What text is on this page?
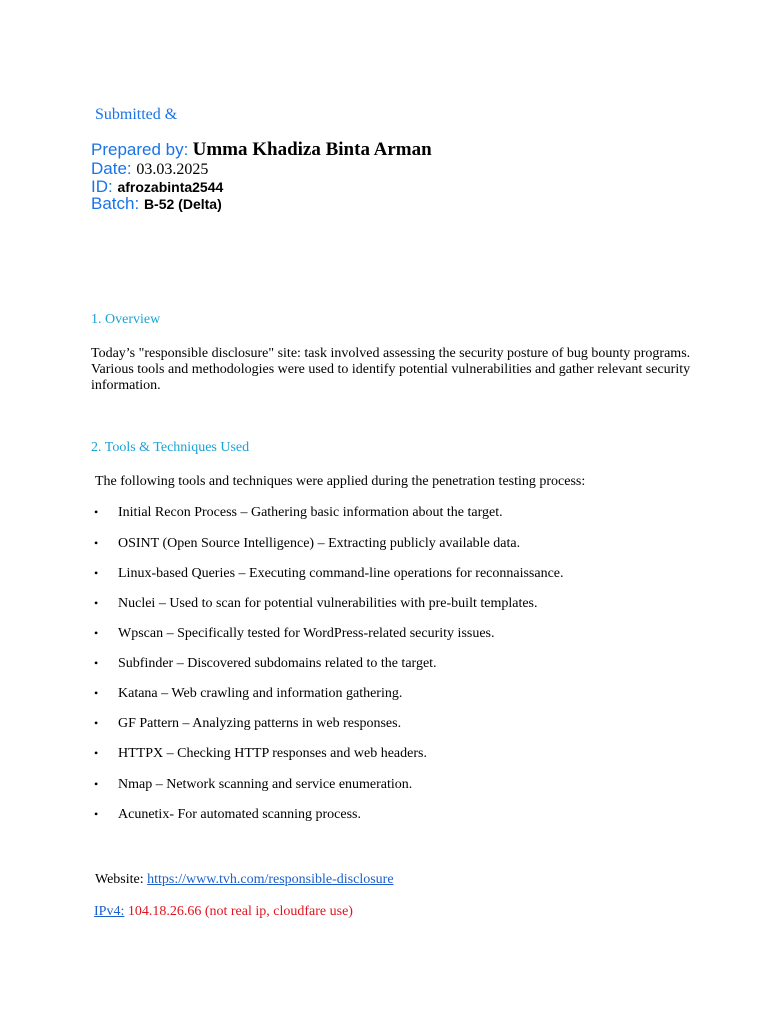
Submitted &
Prepared by: Umma Khadiza Binta Arman
Date: 03.03.2025
ID: afrozabinta2544
Batch: B-52 (Delta)
1. Overview
Today’s "responsible disclosure" site: task involved assessing the security posture of bug bounty programs. Various tools and methodologies were used to identify potential vulnerabilities and gather relevant security information.
2. Tools & Techniques Used
The following tools and techniques were applied during the penetration testing process:
• Initial Recon Process – Gathering basic information about the target.
• OSINT (Open Source Intelligence) – Extracting publicly available data.
• Linux-based Queries – Executing command-line operations for reconnaissance.
• Nuclei – Used to scan for potential vulnerabilities with pre-built templates.
• Wpscan – Specifically tested for WordPress-related security issues.
• Subfinder – Discovered subdomains related to the target.
• Katana – Web crawling and information gathering.
• GF Pattern – Analyzing patterns in web responses.
• HTTPX – Checking HTTP responses and web headers.
• Nmap – Network scanning and service enumeration.
• Acunetix- For automated scanning process.
Website: https://www.tvh.com/responsible-disclosure
IPv4: 104.18.26.66 (not real ip, cloudfare use)
